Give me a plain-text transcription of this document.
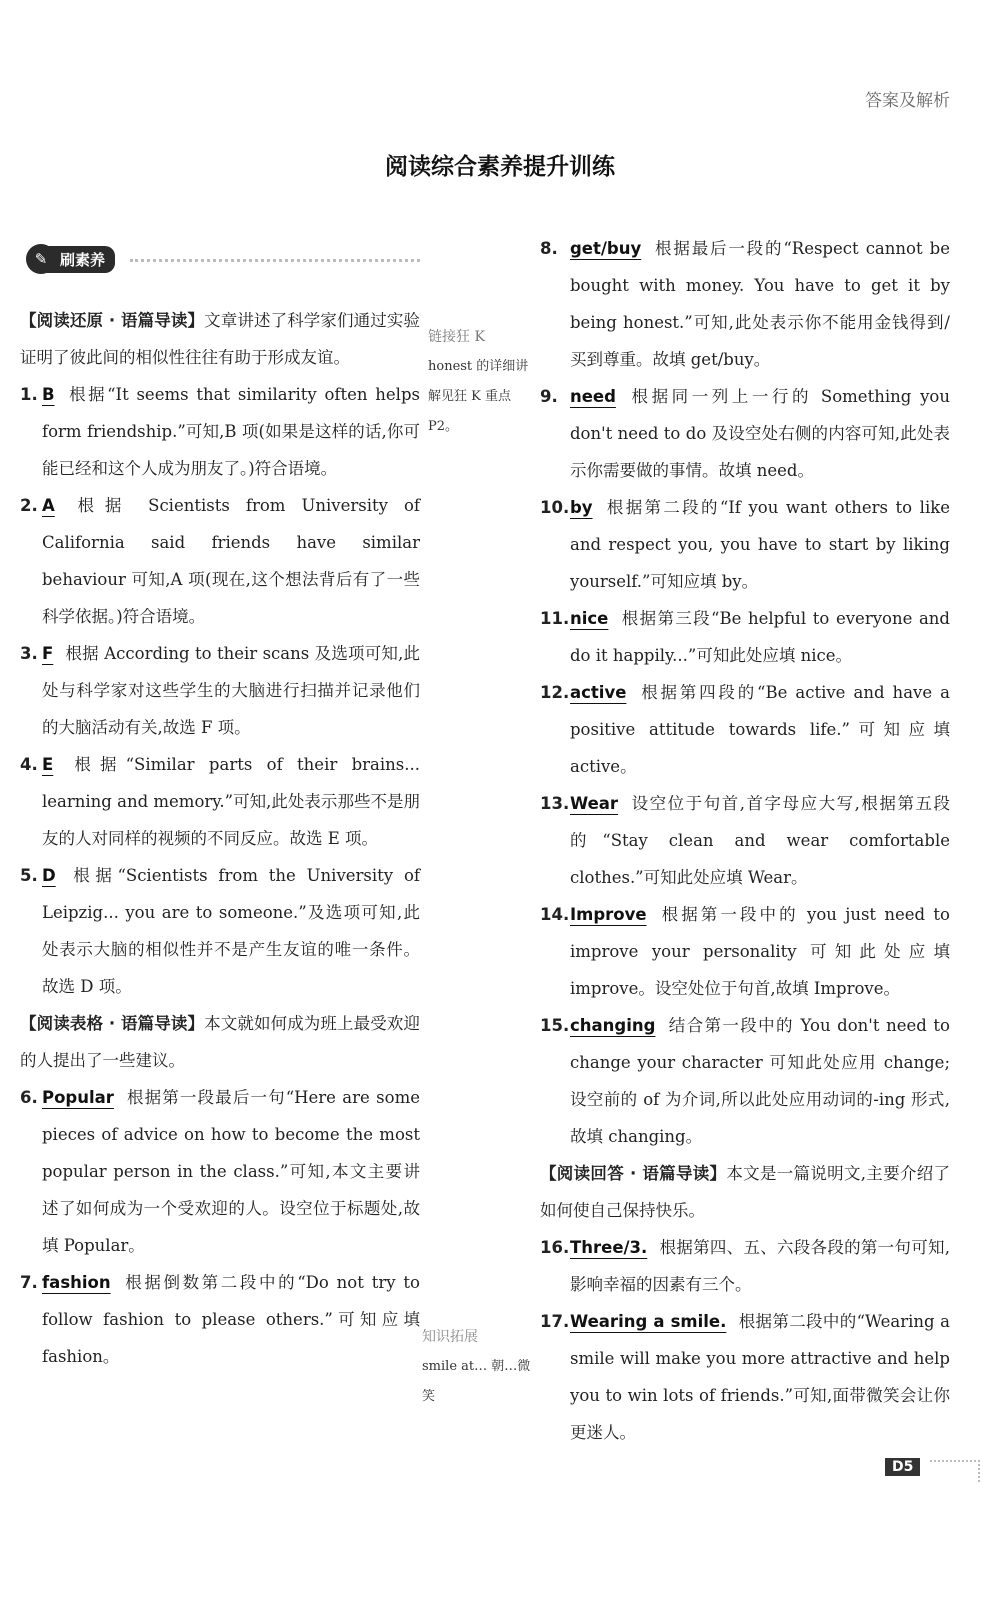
答案及解析
阅读综合素养提升训练
✎ 刷素养
【阅读还原 · 语篇导读】文章讲述了科学家们通过实验证明了彼此间的相似性往往有助于形成友谊。
1. B 根据“It seems that similarity often helps form friendship.”可知,B 项(如果是这样的话,你可能已经和这个人成为朋友了。)符合语境。
2. A 根据 Scientists from University of California said friends have similar behaviour 可知,A 项(现在,这个想法背后有了一些科学依据。)符合语境。
3. F 根据 According to their scans 及选项可知,此处与科学家对这些学生的大脑进行扫描并记录他们的大脑活动有关,故选 F 项。
4. E 根据“Similar parts of their brains... learning and memory.”可知,此处表示那些不是朋友的人对同样的视频的不同反应。故选 E 项。
5. D 根据“Scientists from the University of Leipzig... you are to someone.”及选项可知,此处表示大脑的相似性并不是产生友谊的唯一条件。故选 D 项。
【阅读表格 · 语篇导读】本文就如何成为班上最受欢迎的人提出了一些建议。
6. Popular 根据第一段最后一句“Here are some pieces of advice on how to become the most popular person in the class.”可知,本文主要讲述了如何成为一个受欢迎的人。设空位于标题处,故填 Popular。
7. fashion 根据倒数第二段中的“Do not try to follow fashion to please others.”可知应填 fashion。
链接狂 K
honest 的详细讲解见狂 K 重点 P2。
8. get/buy 根据最后一段的“Respect cannot be bought with money. You have to get it by being honest.”可知,此处表示你不能用金钱得到/买到尊重。故填 get/buy。
9. need 根据同一列上一行的 Something you don't need to do 及设空处右侧的内容可知,此处表示你需要做的事情。故填 need。
10. by 根据第二段的“If you want others to like and respect you, you have to start by liking yourself.”可知应填 by。
11. nice 根据第三段“Be helpful to everyone and do it happily...”可知此处应填 nice。
12. active 根据第四段的“Be active and have a positive attitude towards life.”可知应填 active。
13. Wear 设空位于句首,首字母应大写,根据第五段的“Stay clean and wear comfortable clothes.”可知此处应填 Wear。
14. Improve 根据第一段中的 you just need to improve your personality 可知此处应填 improve。设空处位于句首,故填 Improve。
15. changing 结合第一段中的 You don't need to change your character 可知此处应用 change;设空前的 of 为介词,所以此处应用动词的-ing 形式,故填 changing。
【阅读回答 · 语篇导读】本文是一篇说明文,主要介绍了如何使自己保持快乐。
16. Three/3. 根据第四、五、六段各段的第一句可知,影响幸福的因素有三个。
17. Wearing a smile. 根据第二段中的“Wearing a smile will make you more attractive and help you to win lots of friends.”可知,面带微笑会让你更迷人。
知识拓展
smile at… 朝…微笑
D5
